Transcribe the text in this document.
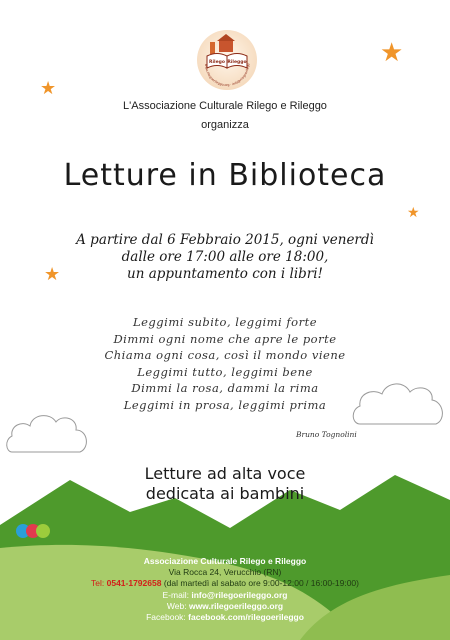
★
★
★
★
Rilego Rileggo
www.rilegoerileggo.org · info@rilegoerilegg
L'Associazione Culturale Rilego e Rileggo
organizza
Letture in Biblioteca
A partire dal 6 Febbraio 2015, ogni venerdì
dalle ore 17:00 alle ore 18:00,
un appuntamento con i libri!
Leggimi subito, leggimi forte
Dimmi ogni nome che apre le porte
Chiama ogni cosa, così il mondo viene
Leggimi tutto, leggimi bene
Dimmi la rosa, dammi la rima
Leggimi in prosa, leggimi prima
Bruno Tognolini
Letture ad alta voce
dedicata ai bambini
Associazione Culturale Rilego e Rileggo
Via Rocca 24, Verucchio (RN)
Tel: 0541-1792658 (dal martedì al sabato ore 9:00-12:00 / 16:00-19:00)
E-mail: info@rilegoerileggo.org
Web: www.rilegoerileggo.org
Facebook: facebook.com/rilegoerileggo
